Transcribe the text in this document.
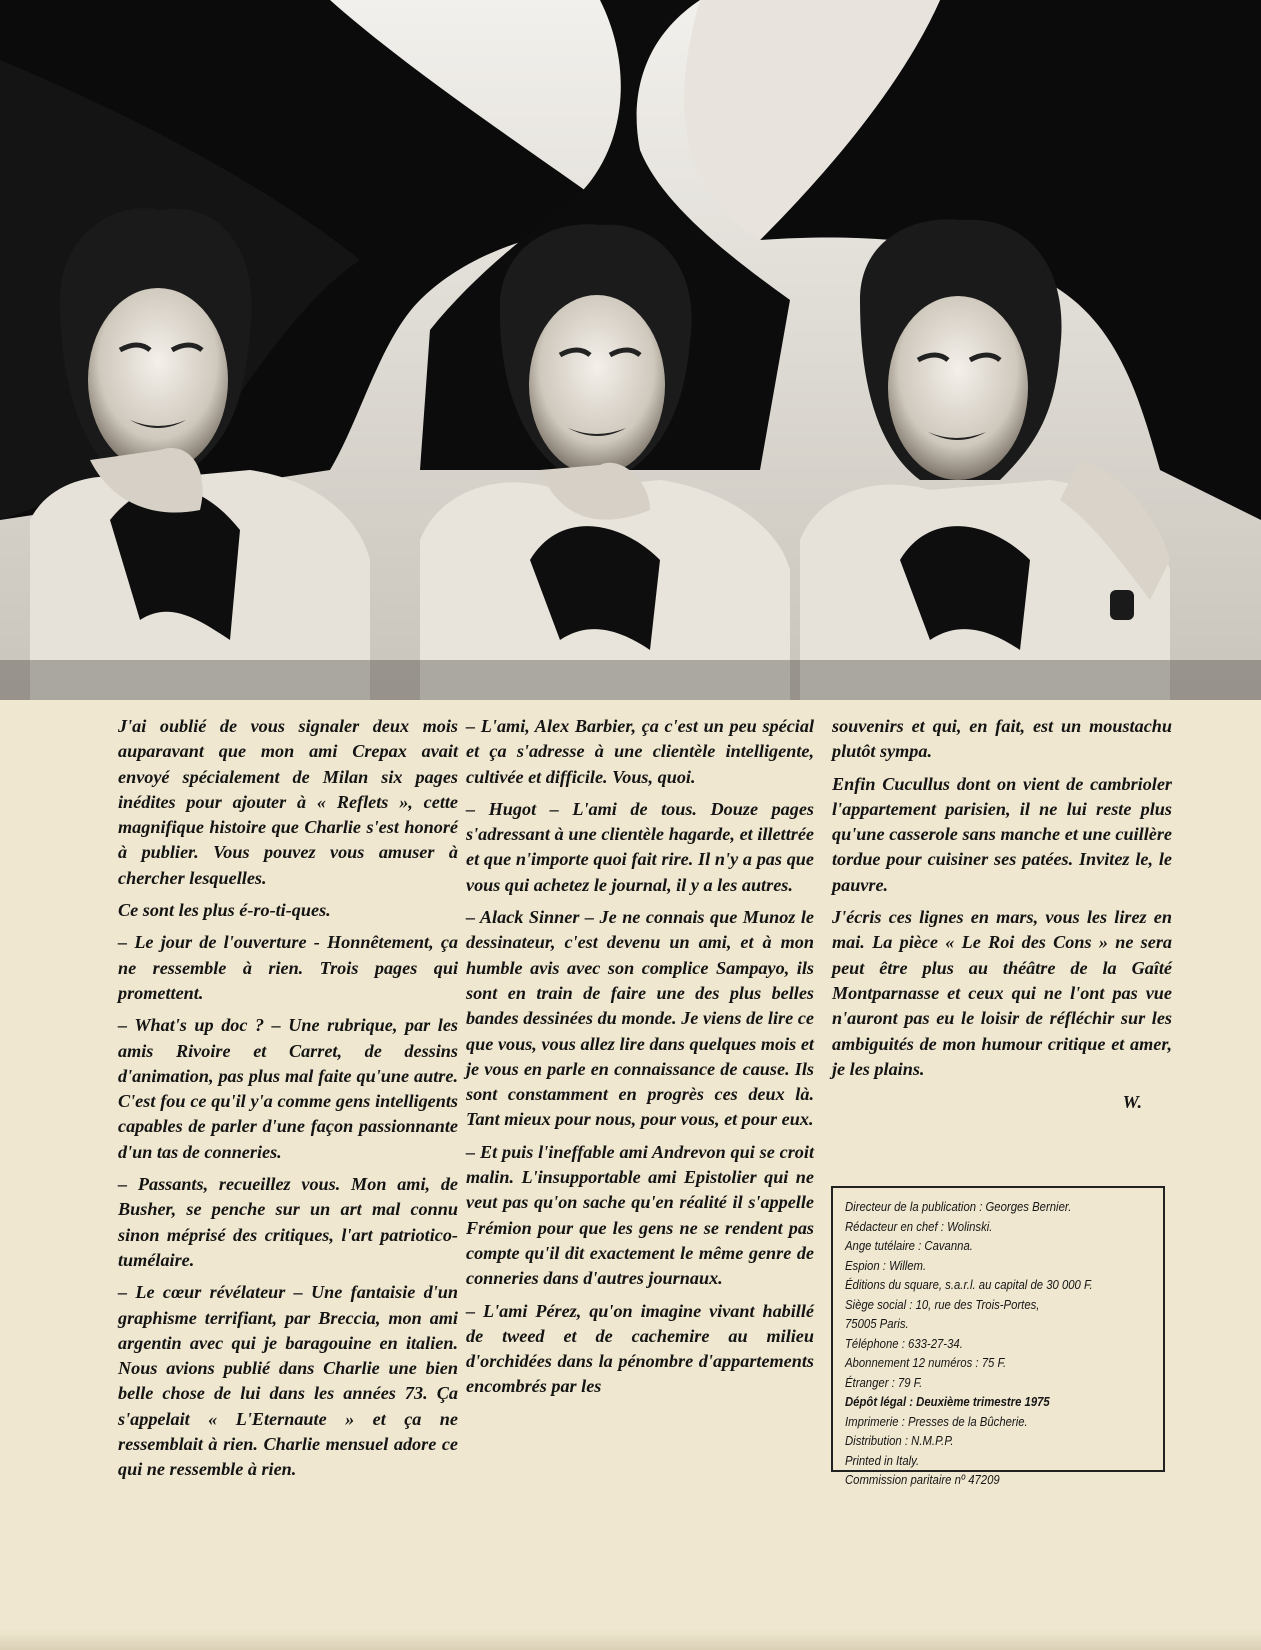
J'ai oublié de vous signaler deux mois auparavant que mon ami Crepax avait envoyé spécialement de Milan six pages inédites pour ajouter à « Reflets », cette magnifique histoire que Charlie s'est honoré à publier. Vous pouvez vous amuser à chercher lesquelles.

Ce sont les plus é-ro-ti-ques.

– Le jour de l'ouverture - Honnêtement, ça ne ressemble à rien. Trois pages qui promettent.

– What's up doc ? – Une rubrique, par les amis Rivoire et Carret, de dessins d'animation, pas plus mal faite qu'une autre. C'est fou ce qu'il y'a comme gens intelligents capables de parler d'une façon passionnante d'un tas de conneries.

– Passants, recueillez vous. Mon ami, de Busher, se penche sur un art mal connu sinon méprisé des critiques, l'art patriotico-tumélaire.

– Le cœur révélateur – Une fantaisie d'un graphisme terrifiant, par Breccia, mon ami argentin avec qui je baragouine en italien. Nous avions publié dans Charlie une bien belle chose de lui dans les années 73. Ça s'appelait « L'Eternaute » et ça ne ressemblait à rien. Charlie mensuel adore ce qui ne ressemble à rien.

– L'ami, Alex Barbier, ça c'est un peu spécial et ça s'adresse à une clientèle intelligente, cultivée et difficile. Vous, quoi.

– Hugot – L'ami de tous. Douze pages s'adressant à une clientèle hagarde, et illettrée et que n'importe quoi fait rire. Il n'y a pas que vous qui achetez le journal, il y a les autres.

– Alack Sinner – Je ne connais que Munoz le dessinateur, c'est devenu un ami, et à mon humble avis avec son complice Sampayo, ils sont en train de faire une des plus belles bandes dessinées du monde. Je viens de lire ce que vous, vous allez lire dans quelques mois et je vous en parle en connaissance de cause. Ils sont constamment en progrès ces deux là. Tant mieux pour nous, pour vous, et pour eux.

– Et puis l'ineffable ami Andrevon qui se croit malin. L'insupportable ami Epistolier qui ne veut pas qu'on sache qu'en réalité il s'appelle Frémion pour que les gens ne se rendent pas compte qu'il dit exactement le même genre de conneries dans d'autres journaux.

– L'ami Pérez, qu'on imagine vivant habillé de tweed et de cachemire au milieu d'orchidées dans la pénombre d'appartements encombrés par les

souvenirs et qui, en fait, est un moustachu plutôt sympa.

Enfin Cucullus dont on vient de cambrioler l'appartement parisien, il ne lui reste plus qu'une casserole sans manche et une cuillère tordue pour cuisiner ses patées. Invitez le, le pauvre.

J'écris ces lignes en mars, vous les lirez en mai. La pièce « Le Roi des Cons » ne sera peut être plus au théâtre de la Gaîté Montparnasse et ceux qui ne l'ont pas vue n'auront pas eu le loisir de réfléchir sur les ambiguités de mon humour critique et amer, je les plains.

W.

Directeur de la publication : Georges Bernier.
Rédacteur en chef : Wolinski.
Ange tutélaire : Cavanna.
Espion : Willem.
Éditions du square, s.a.r.l. au capital de 30 000 F.
Siège social : 10, rue des Trois-Portes,
75005 Paris.
Téléphone : 633-27-34.
Abonnement 12 numéros : 75 F.
Étranger : 79 F.
Dépôt légal : Deuxième trimestre 1975
Imprimerie : Presses de la Bûcherie.
Distribution : N.M.P.P.
Printed in Italy.
Commission paritaire nº 47209
